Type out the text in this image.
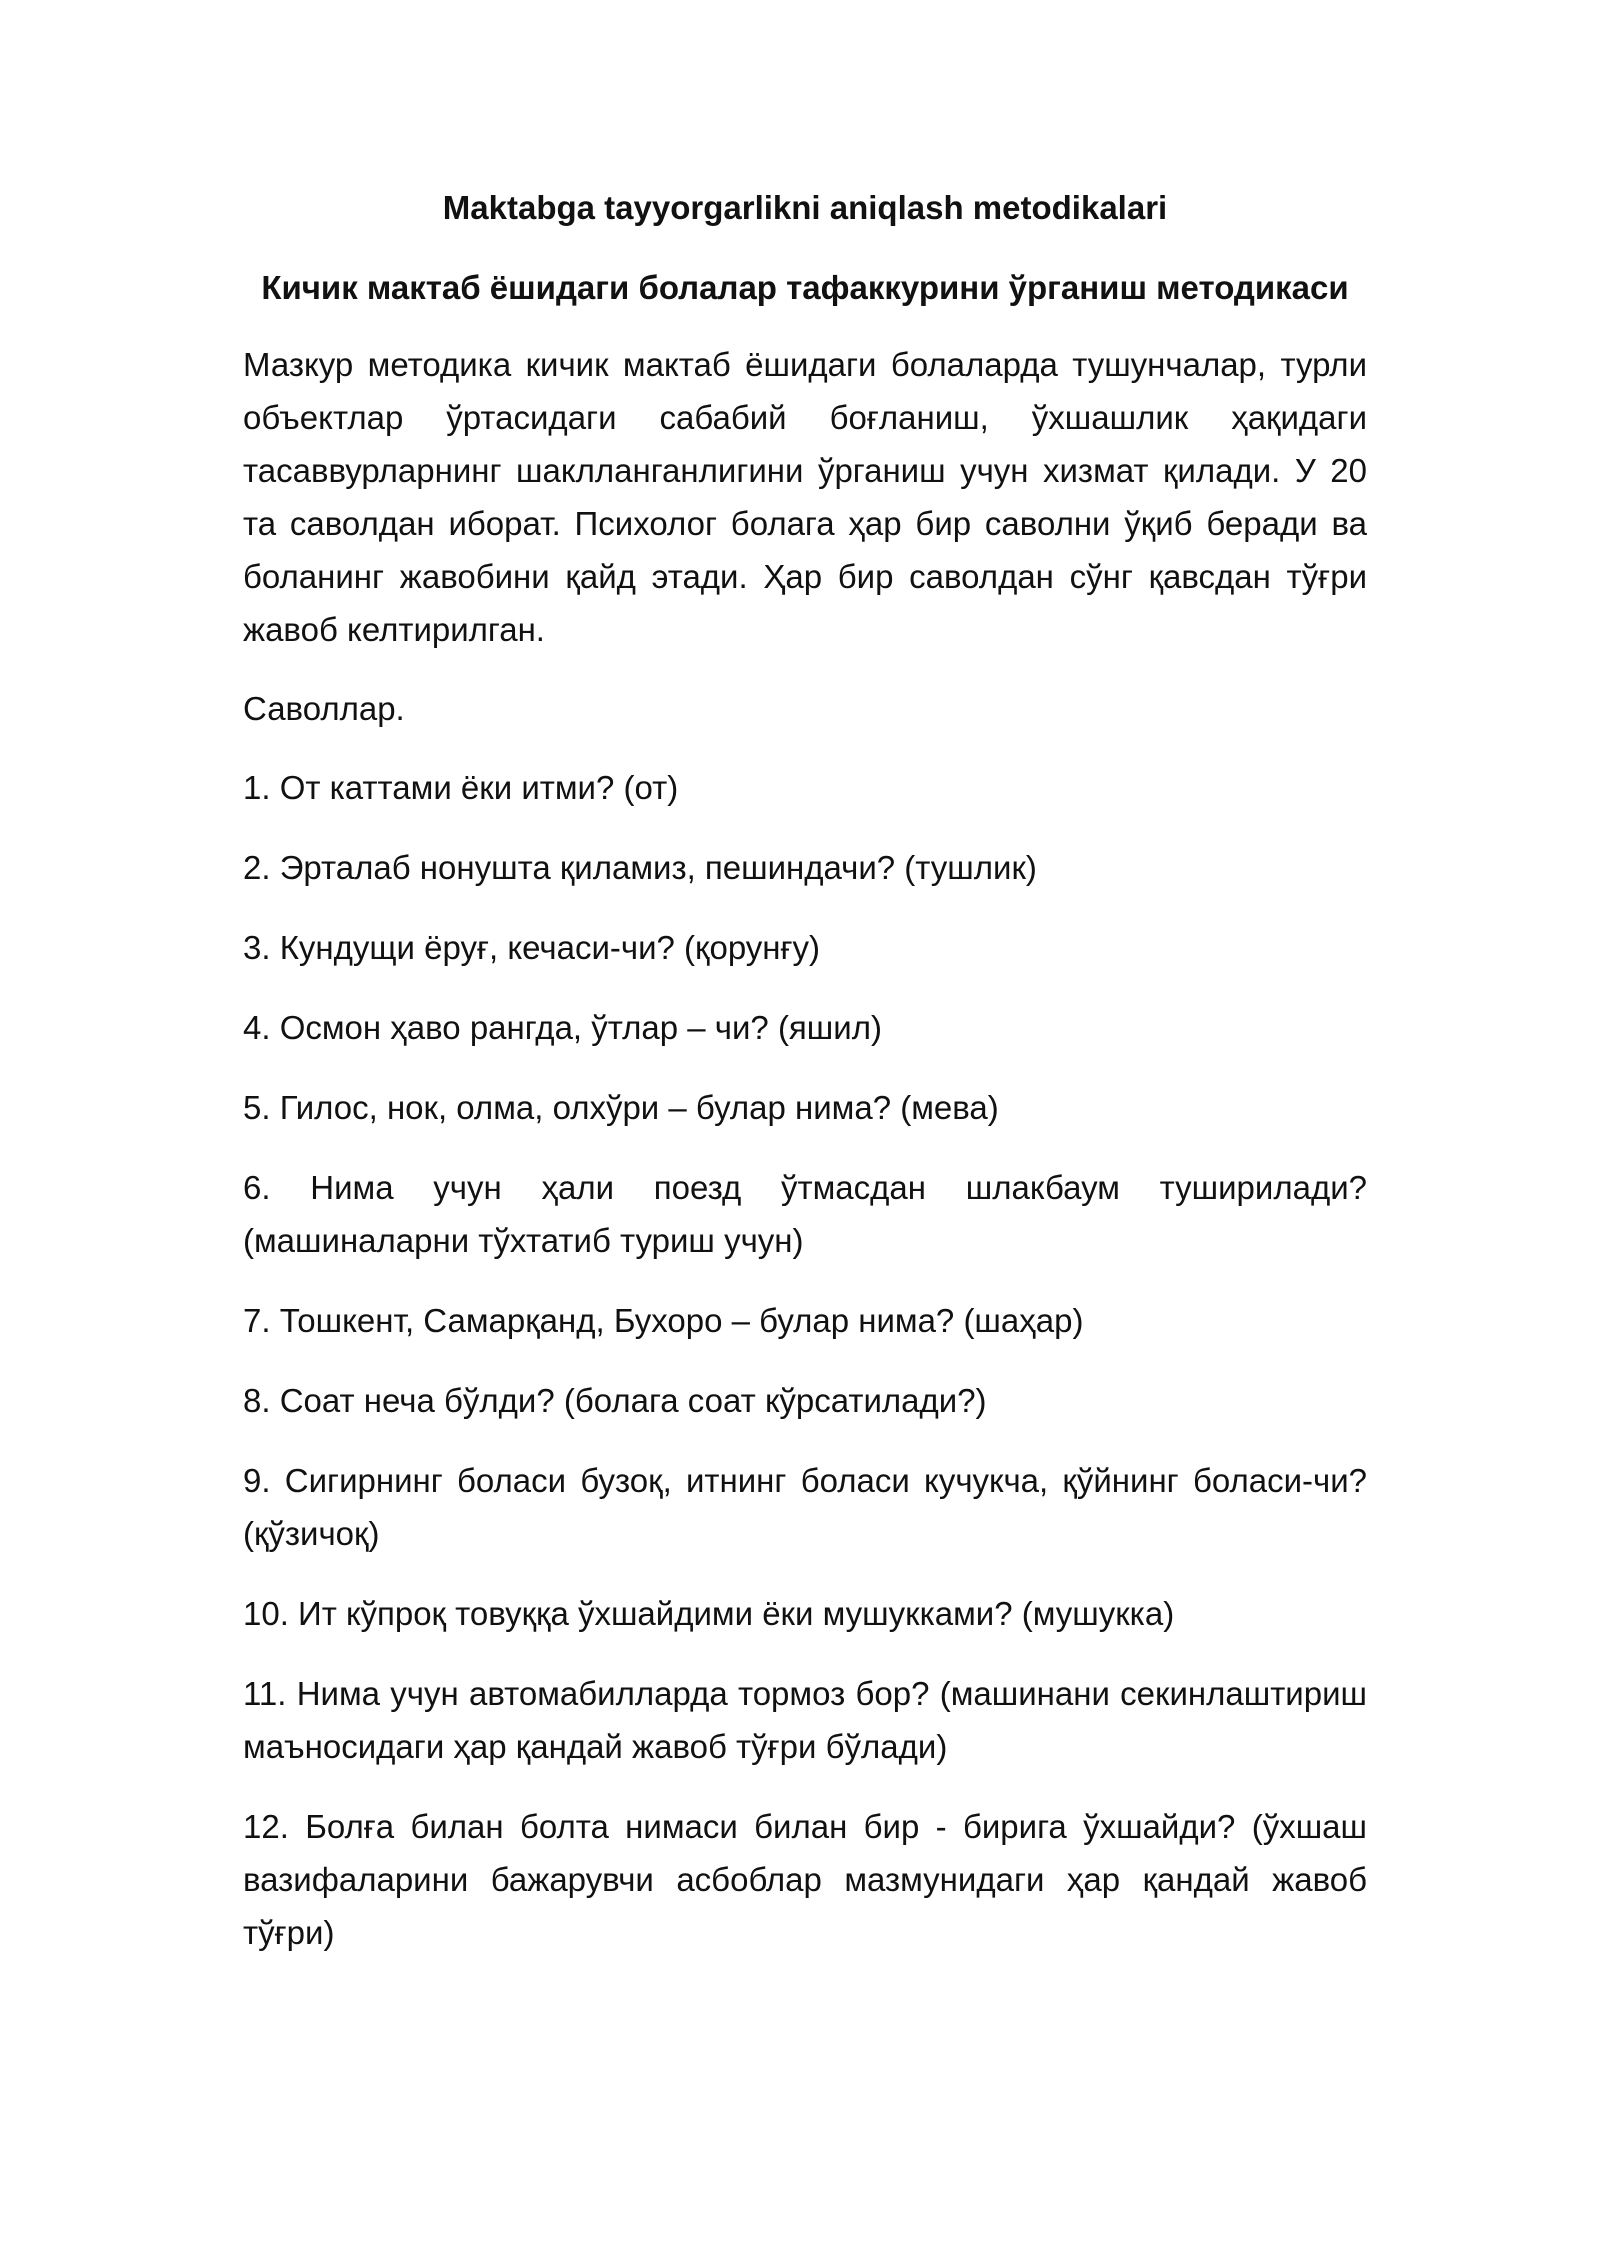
Maktabga tayyorgarlikni aniqlash metodikalari
Кичик мактаб ёшидаги болалар тафаккурини ўрганиш методикаси
Мазкур методика кичик мактаб ёшидаги болаларда тушунчалар, турли объектлар ўртасидаги сабабий боғланиш, ўхшашлик ҳақидаги тасаввурларнинг шаклланганлигини ўрганиш учун хизмат қилади. У 20 та саволдан иборат. Психолог болага ҳар бир саволни ўқиб беради ва боланинг жавобини қайд этади. Ҳар бир саволдан сўнг қавсдан тўғри жавоб келтирилган.
Саволлар.
1. От каттами ёки итми? (от)
2. Эрталаб нонушта қиламиз, пешиндачи? (тушлик)
3. Кундущи ёруғ, кечаси-чи? (қорунғу)
4. Осмон ҳаво рангда, ўтлар – чи? (яшил)
5. Гилос, нок, олма, олхўри – булар нима? (мева)
6. Нима учун ҳали поезд ўтмасдан шлакбаум туширилади? (машиналарни тўхтатиб туриш учун)
7. Тошкент, Самарқанд, Бухоро – булар нима? (шаҳар)
8. Соат неча бўлди? (болага соат кўрсатилади?)
9. Сигирнинг боласи бузоқ, итнинг боласи кучукча, қўйнинг боласи-чи? (қўзичоқ)
10. Ит кўпроқ товуққа ўхшайдими ёки мушукками? (мушукка)
11. Нима учун автомабилларда тормоз бор? (машинани секинлаштириш маъносидаги ҳар қандай жавоб тўғри бўлади)
12. Болға билан болта нимаси билан бир - бирига ўхшайди? (ўхшаш вазифаларини бажарувчи асбоблар мазмунидаги ҳар қандай жавоб тўғри)
